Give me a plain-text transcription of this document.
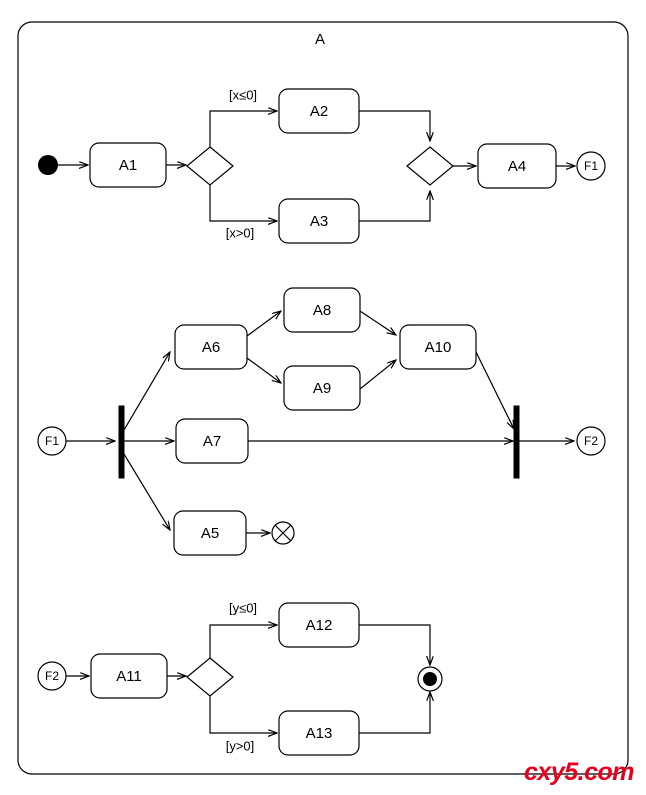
A
A1
[x≤0]
[x>0]
A2
A3
A4	F1
F1
A6
A7
A5
A8
A9
A10
F2
F2	A11
[y≤0]
[y>0]
A12
A13
cxy5.com
